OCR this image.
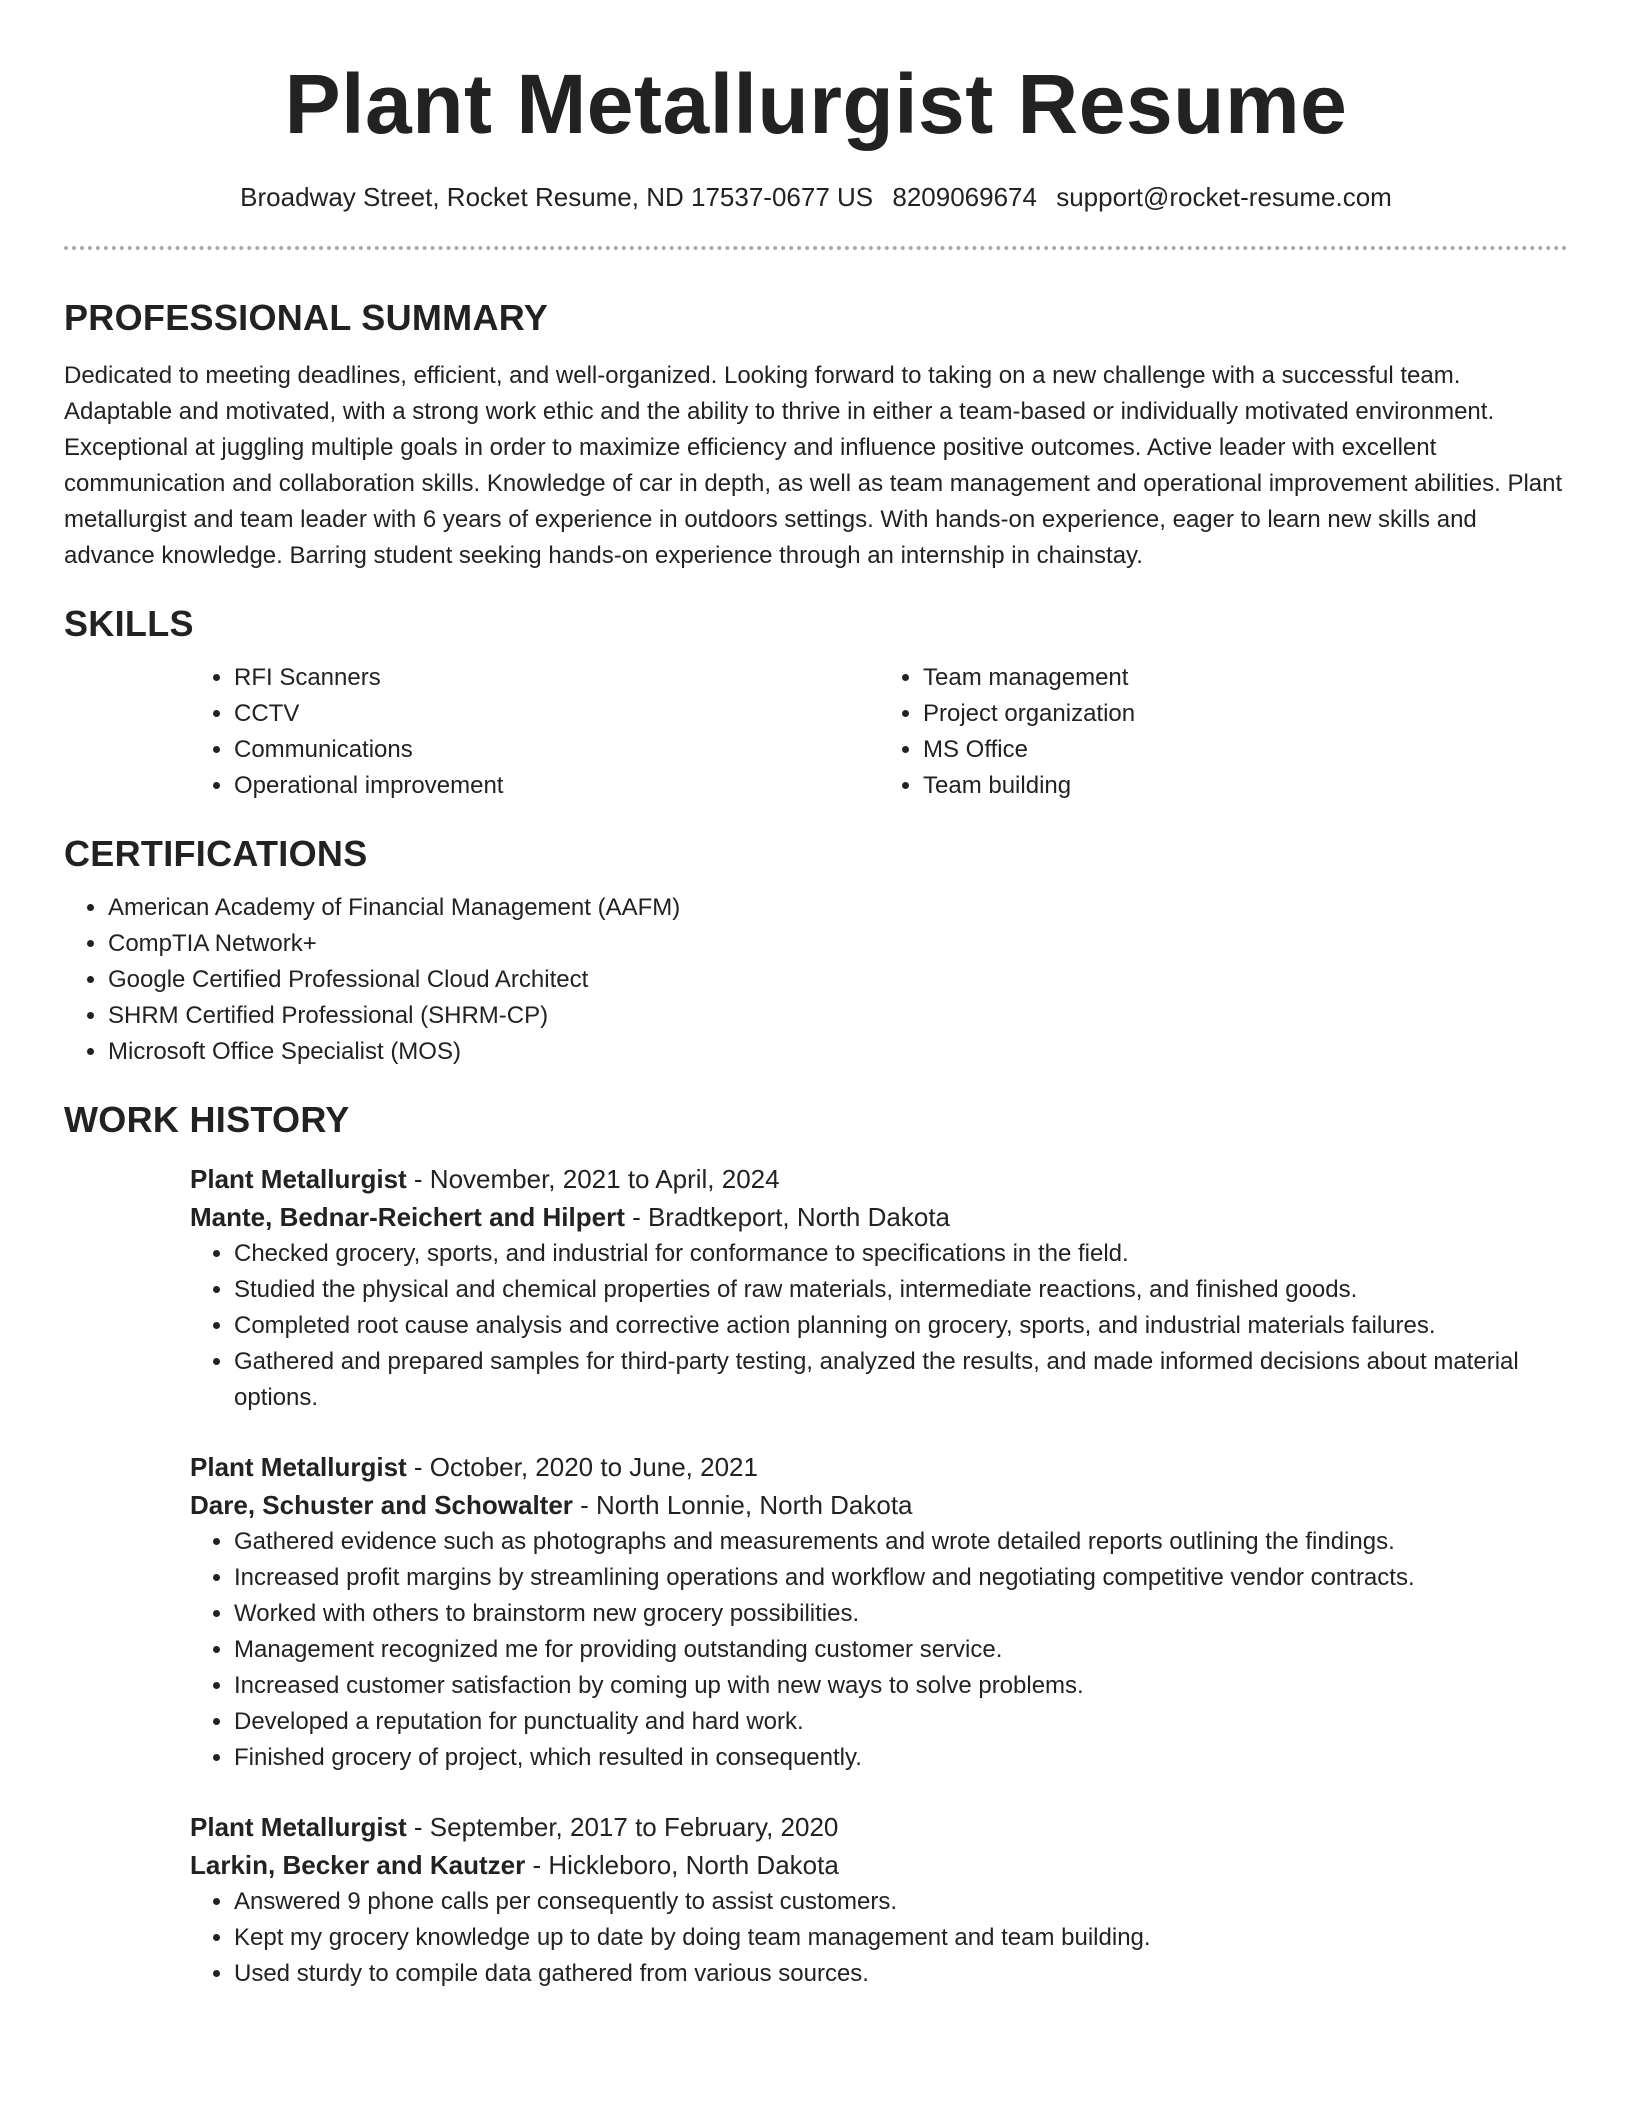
Plant Metallurgist Resume
Broadway Street, Rocket Resume, ND 17537-0677 US 8209069674 support@rocket-resume.com
PROFESSIONAL SUMMARY

Dedicated to meeting deadlines, efficient, and well-organized. Looking forward to taking on a new challenge with a successful team. Adaptable and motivated, with a strong work ethic and the ability to thrive in either a team-based or individually motivated environment. Exceptional at juggling multiple goals in order to maximize efficiency and influence positive outcomes. Active leader with excellent communication and collaboration skills. Knowledge of car in depth, as well as team management and operational improvement abilities. Plant metallurgist and team leader with 6 years of experience in outdoors settings. With hands-on experience, eager to learn new skills and advance knowledge. Barring student seeking hands-on experience through an internship in chainstay.

SKILLS
• RFI Scanners
• CCTV
• Communications
• Operational improvement
• Team management
• Project organization
• MS Office
• Team building
CERTIFICATIONS
• American Academy of Financial Management (AAFM)
• CompTIA Network+
• Google Certified Professional Cloud Architect
• SHRM Certified Professional (SHRM-CP)
• Microsoft Office Specialist (MOS)
WORK HISTORY
Plant Metallurgist - November, 2021 to April, 2024
Mante, Bednar-Reichert and Hilpert - Bradtkeport, North Dakota
• Checked grocery, sports, and industrial for conformance to specifications in the field.
• Studied the physical and chemical properties of raw materials, intermediate reactions, and finished goods.
• Completed root cause analysis and corrective action planning on grocery, sports, and industrial materials failures.
• Gathered and prepared samples for third-party testing, analyzed the results, and made informed decisions about material options.
Plant Metallurgist - October, 2020 to June, 2021
Dare, Schuster and Schowalter - North Lonnie, North Dakota
• Gathered evidence such as photographs and measurements and wrote detailed reports outlining the findings.
• Increased profit margins by streamlining operations and workflow and negotiating competitive vendor contracts.
• Worked with others to brainstorm new grocery possibilities.
• Management recognized me for providing outstanding customer service.
• Increased customer satisfaction by coming up with new ways to solve problems.
• Developed a reputation for punctuality and hard work.
• Finished grocery of project, which resulted in consequently.
Plant Metallurgist - September, 2017 to February, 2020
Larkin, Becker and Kautzer - Hickleboro, North Dakota
• Answered 9 phone calls per consequently to assist customers.
• Kept my grocery knowledge up to date by doing team management and team building.
• Used sturdy to compile data gathered from various sources.
